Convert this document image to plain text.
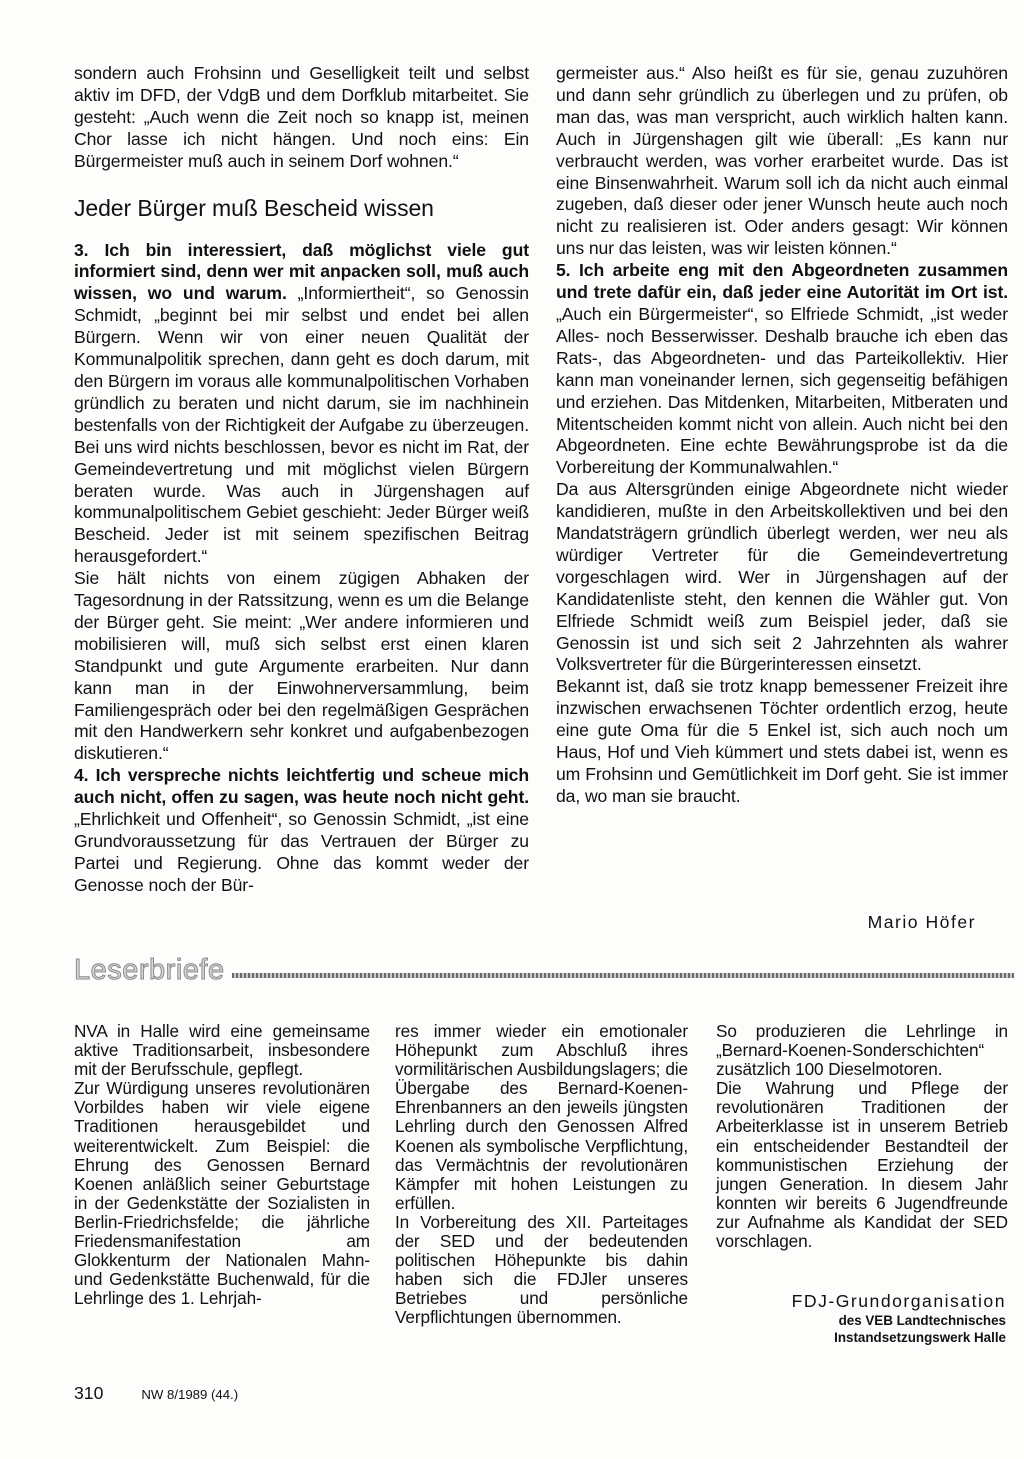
sondern auch Frohsinn und Geselligkeit teilt und selbst aktiv im DFD, der VdgB und dem Dorfklub mitarbeitet. Sie gesteht: „Auch wenn die Zeit noch so knapp ist, meinen Chor lasse ich nicht hängen. Und noch eins: Ein Bürgermeister muß auch in seinem Dorf wohnen.“

Jeder Bürger muß Bescheid wissen

3. Ich bin interessiert, daß möglichst viele gut informiert sind, denn wer mit anpacken soll, muß auch wissen, wo und warum. „Informiertheit“, so Genossin Schmidt, „beginnt bei mir selbst und endet bei allen Bürgern. Wenn wir von einer neuen Qualität der Kommunalpolitik sprechen, dann geht es doch darum, mit den Bürgern im voraus alle kommunalpolitischen Vorhaben gründlich zu beraten und nicht darum, sie im nachhinein bestenfalls von der Richtigkeit der Aufgabe zu überzeugen. Bei uns wird nichts beschlossen, bevor es nicht im Rat, der Gemeindevertretung und mit möglichst vielen Bürgern beraten wurde. Was auch in Jürgenshagen auf kommunalpolitischem Gebiet geschieht: Jeder Bürger weiß Bescheid. Jeder ist mit seinem spezifischen Beitrag herausgefordert.“

Sie hält nichts von einem zügigen Abhaken der Tagesordnung in der Ratssitzung, wenn es um die Belange der Bürger geht. Sie meint: „Wer andere informieren und mobilisieren will, muß sich selbst erst einen klaren Standpunkt und gute Argumente erarbeiten. Nur dann kann man in der Einwohnerversammlung, beim Familiengespräch oder bei den regelmäßigen Gesprächen mit den Handwerkern sehr konkret und aufgabenbezogen diskutieren.“

4. Ich verspreche nichts leichtfertig und scheue mich auch nicht, offen zu sagen, was heute noch nicht geht. „Ehrlichkeit und Offenheit“, so Genossin Schmidt, „ist eine Grundvoraussetzung für das Vertrauen der Bürger zu Partei und Regierung. Ohne das kommt weder der Genosse noch der Bür-

germeister aus.“ Also heißt es für sie, genau zuzuhören und dann sehr gründlich zu überlegen und zu prüfen, ob man das, was man verspricht, auch wirklich halten kann. Auch in Jürgenshagen gilt wie überall: „Es kann nur verbraucht werden, was vorher erarbeitet wurde. Das ist eine Binsenwahrheit. Warum soll ich da nicht auch einmal zugeben, daß dieser oder jener Wunsch heute auch noch nicht zu realisieren ist. Oder anders gesagt: Wir können uns nur das leisten, was wir leisten können.“

5. Ich arbeite eng mit den Abgeordneten zusammen und trete dafür ein, daß jeder eine Autorität im Ort ist. „Auch ein Bürgermeister“, so Elfriede Schmidt, „ist weder Alles- noch Besserwisser. Deshalb brauche ich eben das Rats-, das Abgeordneten- und das Parteikollektiv. Hier kann man voneinander lernen, sich gegenseitig befähigen und erziehen. Das Mitdenken, Mitarbeiten, Mitberaten und Mitentscheiden kommt nicht von allein. Auch nicht bei den Abgeordneten. Eine echte Bewährungsprobe ist da die Vorbereitung der Kommunalwahlen.“

Da aus Altersgründen einige Abgeordnete nicht wieder kandidieren, mußte in den Arbeitskollektiven und bei den Mandatsträgern gründlich überlegt werden, wer neu als würdiger Vertreter für die Gemeindevertretung vorgeschlagen wird. Wer in Jürgenshagen auf der Kandidatenliste steht, den kennen die Wähler gut. Von Elfriede Schmidt weiß zum Beispiel jeder, daß sie Genossin ist und sich seit 2 Jahrzehnten als wahrer Volksvertreter für die Bürgerinteressen einsetzt.

Bekannt ist, daß sie trotz knapp bemessener Freizeit ihre inzwischen erwachsenen Töchter ordentlich erzog, heute eine gute Oma für die 5 Enkel ist, sich auch noch um Haus, Hof und Vieh kümmert und stets dabei ist, wenn es um Frohsinn und Gemütlichkeit im Dorf geht. Sie ist immer da, wo man sie braucht.

Mario Höfer
Leserbriefe

NVA in Halle wird eine gemeinsame aktive Traditionsarbeit, insbesondere mit der Berufsschule, gepflegt.

Zur Würdigung unseres revolutionären Vorbildes haben wir viele eigene Traditionen herausgebildet und weiterentwickelt. Zum Beispiel: die Ehrung des Genossen Bernard Koenen anläßlich seiner Geburtstage in der Gedenkstätte der Sozialisten in Berlin-Friedrichsfelde; die jährliche Friedensmanifestation am Glokkenturm der Nationalen Mahn- und Gedenkstätte Buchenwald, für die Lehrlinge des 1. Lehrjah-

res immer wieder ein emotionaler Höhepunkt zum Abschluß ihres vormilitärischen Ausbildungslagers; die Übergabe des Bernard-Koenen-Ehrenbanners an den jeweils jüngsten Lehrling durch den Genossen Alfred Koenen als symbolische Verpflichtung, das Vermächtnis der revolutionären Kämpfer mit hohen Leistungen zu erfüllen.

In Vorbereitung des XII. Parteitages der SED und der bedeutenden politischen Höhepunkte bis dahin haben sich die FDJler unseres Betriebes und persönliche Verpflichtungen übernommen.

So produzieren die Lehrlinge in „Bernard-Koenen-Sonderschichten“ zusätzlich 100 Dieselmotoren.

Die Wahrung und Pflege der revolutionären Traditionen der Arbeiterklasse ist in unserem Betrieb ein entscheidender Bestandteil der kommunistischen Erziehung der jungen Generation. In diesem Jahr konnten wir bereits 6 Jugendfreunde zur Aufnahme als Kandidat der SED vorschlagen.

FDJ-Grundorganisation
des VEB Landtechnisches
Instandsetzungswerk Halle
310	NW 8/1989 (44.)
